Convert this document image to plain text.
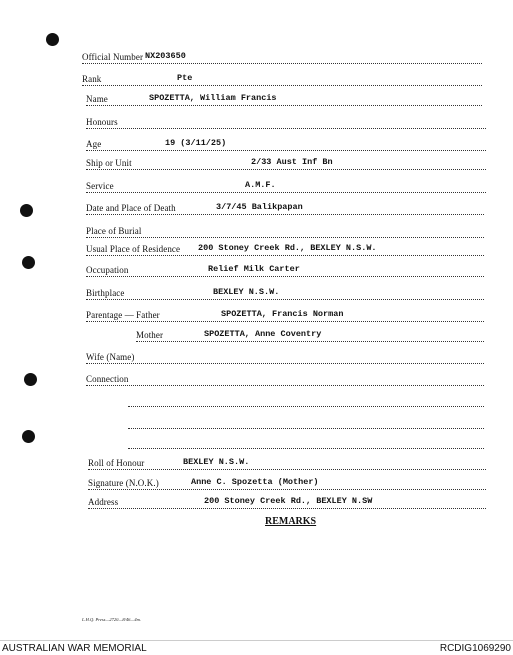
Official Number NX203650
Rank	Pte
Name	SPOZETTA, William Francis
Honours
Age	19 (3/11/25)
Ship or Unit	2/33 Aust Inf Bn
Service	A.M.F.
Date and Place of Death	3/7/45 Balikpapan
Place of Burial
Usual Place of Residence 200 Stoney Creek Rd., BEXLEY N.S.W.
Occupation	Relief Milk Carter
Birthplace	BEXLEY N.S.W.
Parentage — Father	SPOZETTA, Francis Norman
Mother	SPOZETTA, Anne Coventry
Wife (Name)
Connection
Roll of Honour	BEXLEY N.S.W.
Signature (N.O.K.)	Anne C. Spozetta (Mother)
Address	200 Stoney Creek Rd., BEXLEY N.SW
REMARKS
L.H.Q. Press—2720—8/46—4m.
AUSTRALIAN WAR MEMORIAL	RCDIG1069290
